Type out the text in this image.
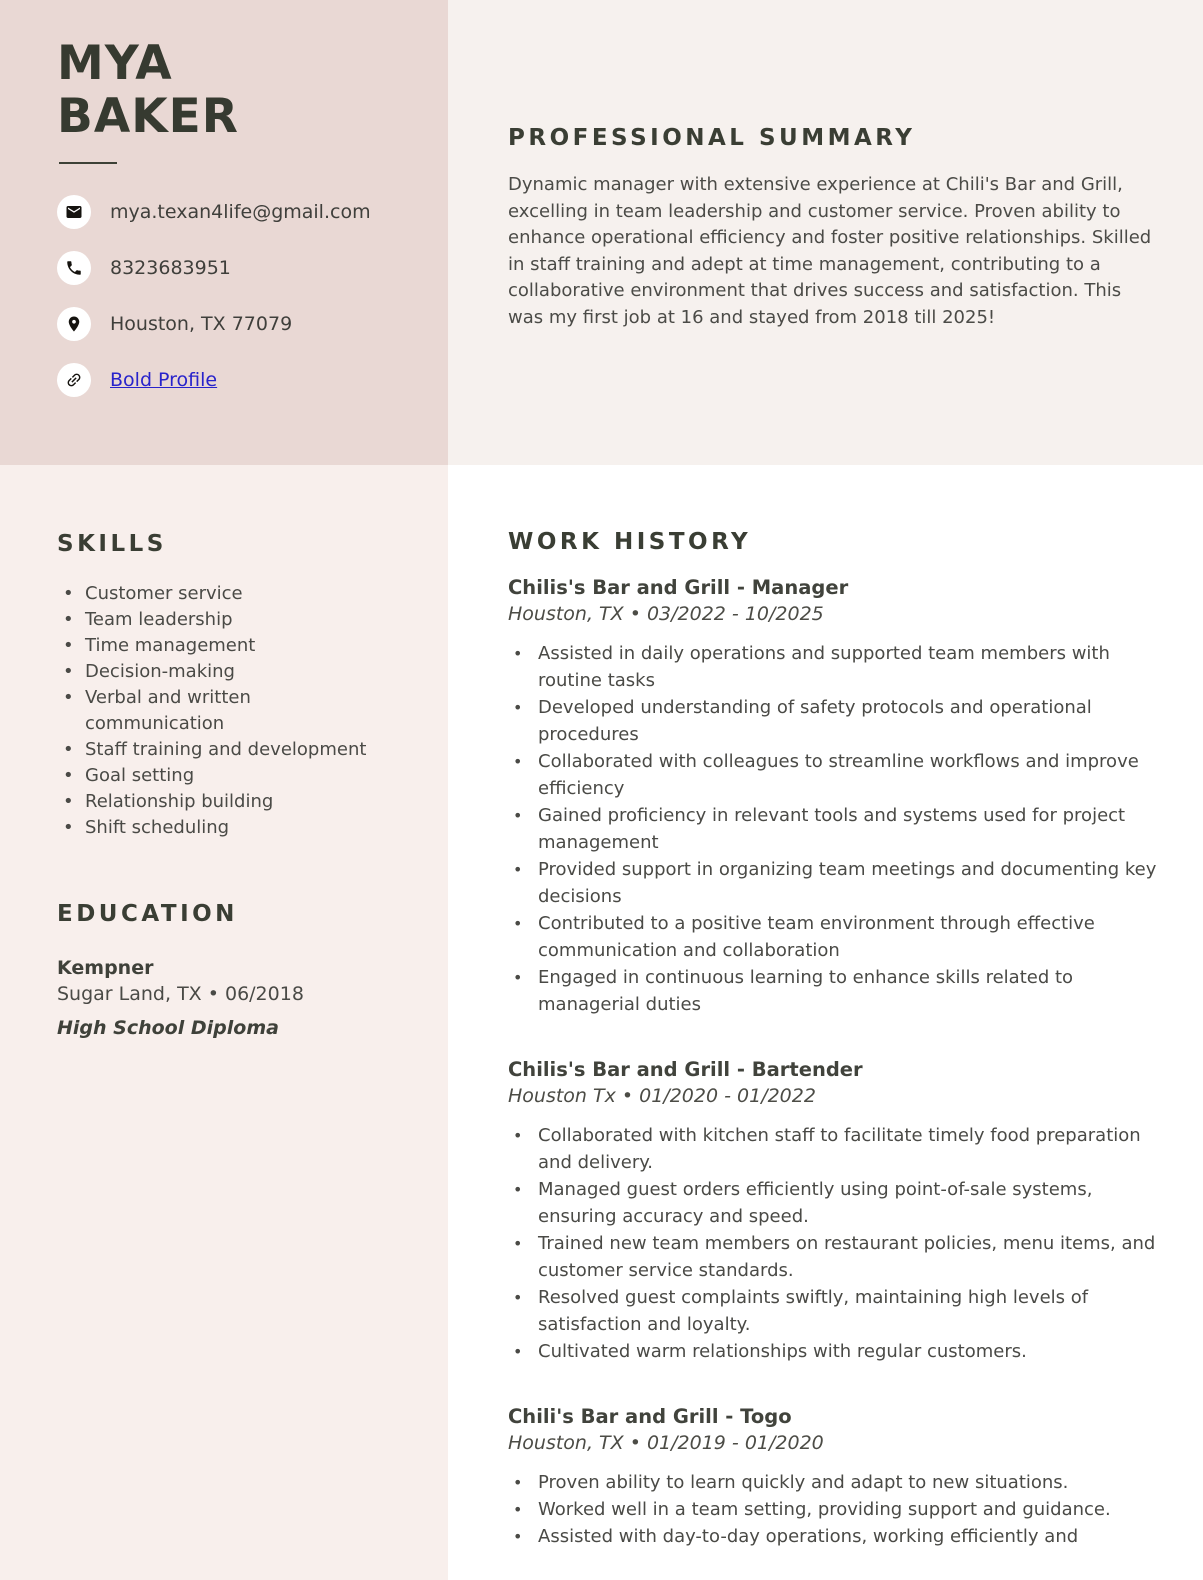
MYA
BAKER
mya.texan4life@gmail.com
8323683951
Houston, TX 77079
Bold Profile
SKILLS
• Customer service
• Team leadership
• Time management
• Decision-making
• Verbal and written communication
• Staff training and development
• Goal setting
• Relationship building
• Shift scheduling
EDUCATION
Kempner
Sugar Land, TX • 06/2018
High School Diploma
PROFESSIONAL SUMMARY

Dynamic manager with extensive experience at Chili's Bar and Grill, excelling in team leadership and customer service. Proven ability to enhance operational efficiency and foster positive relationships. Skilled in staff training and adept at time management, contributing to a collaborative environment that drives success and satisfaction. This was my first job at 16 and stayed from 2018 till 2025!

WORK HISTORY
Chilis's Bar and Grill - Manager

Houston, TX • 03/2022 - 10/2025

• Assisted in daily operations and supported team members with routine tasks
• Developed understanding of safety protocols and operational procedures
• Collaborated with colleagues to streamline workflows and improve efficiency
• Gained proficiency in relevant tools and systems used for project management
• Provided support in organizing team meetings and documenting key decisions
• Contributed to a positive team environment through effective communication and collaboration
• Engaged in continuous learning to enhance skills related to managerial duties
Chilis's Bar and Grill - Bartender

Houston Tx • 01/2020 - 01/2022

• Collaborated with kitchen staff to facilitate timely food preparation and delivery.
• Managed guest orders efficiently using point-of-sale systems, ensuring accuracy and speed.
• Trained new team members on restaurant policies, menu items, and customer service standards.
• Resolved guest complaints swiftly, maintaining high levels of satisfaction and loyalty.
• Cultivated warm relationships with regular customers.
Chili's Bar and Grill - Togo

Houston, TX • 01/2019 - 01/2020

• Proven ability to learn quickly and adapt to new situations.
• Worked well in a team setting, providing support and guidance.
• Assisted with day-to-day operations, working efficiently and
